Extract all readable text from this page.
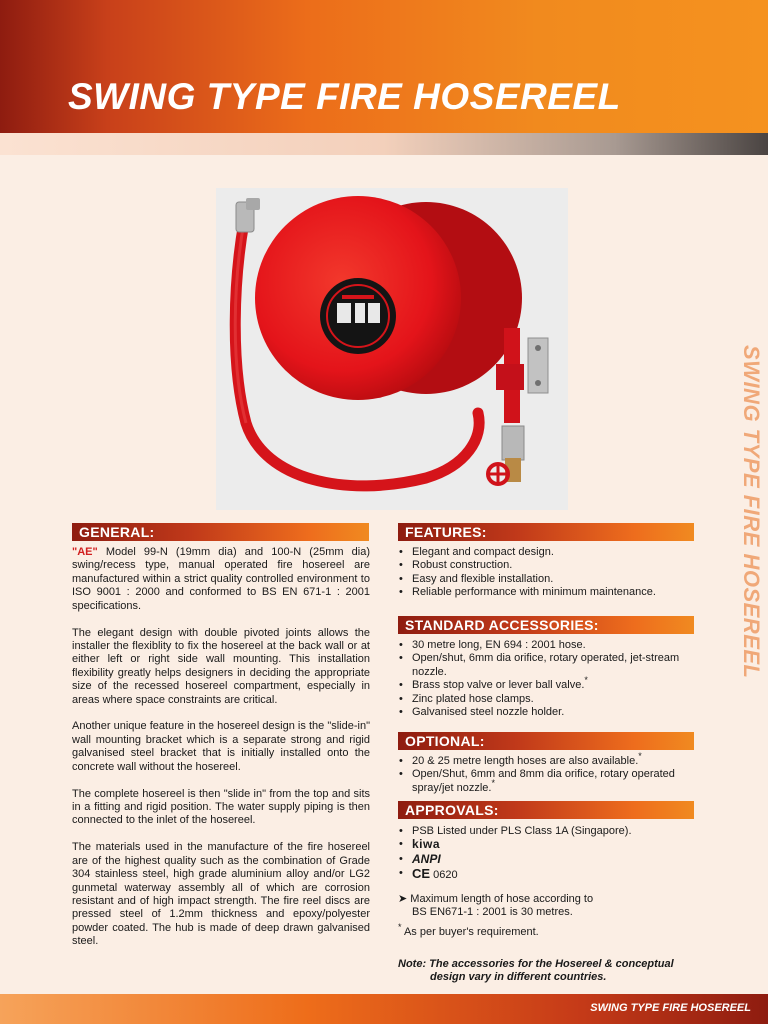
SWING TYPE FIRE HOSEREEL
SWING TYPE FIRE HOSEREEL
GENERAL:

"AE" Model 99-N (19mm dia) and 100-N (25mm dia) swing/recess type, manual operated fire hosereel are manufactured within a strict quality controlled environment to ISO 9001 : 2000 and conformed to BS EN 671-1 : 2001 specifications.

The elegant design with double pivoted joints allows the installer the flexiblity to fix the hosereel at the back wall or at either left or right side wall mounting. This installation flexibility greatly helps designers in deciding the appropriate size of the recessed hosereel compartment, especially in areas where space constraints are critical.

Another unique feature in the hosereel design is the "slide-in" wall mounting bracket which is a separate strong and rigid galvanised steel bracket that is initially installed onto the concrete wall without the hosereel.

The complete hosereel is then "slide in" from the top and sits in a fitting and rigid position. The water supply piping is then connected to the inlet of the hosereel.

The materials used in the manufacture of the fire hosereel are of the highest quality such as the combination of Grade 304 stainless steel, high grade aluminium alloy and/or LG2 gunmetal waterway assembly all of which are corrosion resistant and of high impact strength. The fire reel discs are pressed steel of 1.2mm thickness and epoxy/polyester powder coated. The hub is made of deep drawn galvanised steel.

FEATURES:
• Elegant and compact design.
• Robust construction.
• Easy and flexible installation.
• Reliable performance with minimum maintenance.
STANDARD ACCESSORIES:
• 30 metre long, EN 694 : 2001 hose.
• Open/shut, 6mm dia orifice, rotary operated, jet-stream nozzle.
• Brass stop valve or lever ball valve.*
• Zinc plated hose clamps.
• Galvanised steel nozzle holder.
OPTIONAL:
• 20 & 25 metre length hoses are also available.*
• Open/Shut, 6mm and 8mm dia orifice, rotary operated spray/jet nozzle.*
APPROVALS:
• PSB Listed under PLS Class 1A (Singapore).
• kiwa
• ANPI
• CE 0620
➤ Maximum length of hose according to
BS EN671-1 : 2001 is 30 metres.
* As per buyer's requirement.
Note: The accessories for the Hosereel & conceptual
design vary in different countries.
SWING TYPE FIRE HOSEREEL
